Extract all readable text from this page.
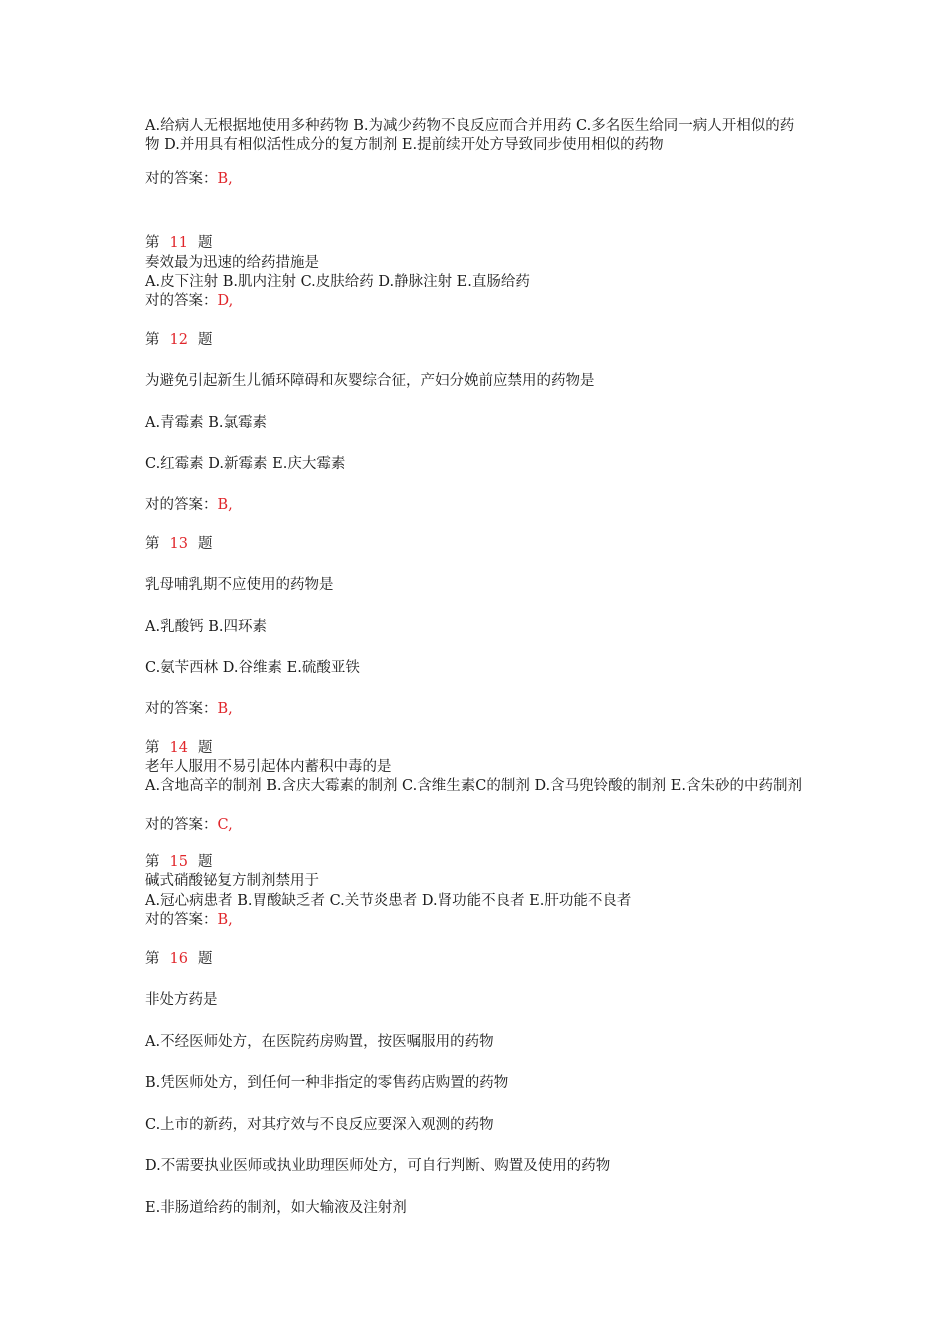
A.给病人无根据地使用多种药物 B.为减少药物不良反应而合并用药 C.多名医生给同一病人开相似的药物 D.并用具有相似活性成分的复方制剂 E.提前续开处方导致同步使用相似的药物
对的答案：B,
第 11 题
奏效最为迅速的给药措施是
A.皮下注射 B.肌内注射 C.皮肤给药 D.静脉注射 E.直肠给药
对的答案：D,
第 12 题
为避免引起新生儿循环障碍和灰婴综合征，产妇分娩前应禁用的药物是
A.青霉素 B.氯霉素
C.红霉素 D.新霉素 E.庆大霉素
对的答案：B,
第 13 题
乳母哺乳期不应使用的药物是
A.乳酸钙 B.四环素
C.氨苄西林 D.谷维素 E.硫酸亚铁
对的答案：B,
第 14 题
老年人服用不易引起体内蓄积中毒的是
A.含地高辛的制剂 B.含庆大霉素的制剂 C.含维生素C的制剂 D.含马兜铃酸的制剂 E.含朱砂的中药制剂
对的答案：C,
第 15 题
碱式硝酸铋复方制剂禁用于
A.冠心病患者 B.胃酸缺乏者 C.关节炎患者 D.肾功能不良者 E.肝功能不良者
对的答案：B,
第 16 题
非处方药是
A.不经医师处方，在医院药房购置，按医嘱服用的药物
B.凭医师处方，到任何一种非指定的零售药店购置的药物
C.上市的新药，对其疗效与不良反应要深入观测的药物
D.不需要执业医师或执业助理医师处方，可自行判断、购置及使用的药物
E.非肠道给药的制剂，如大输液及注射剂
